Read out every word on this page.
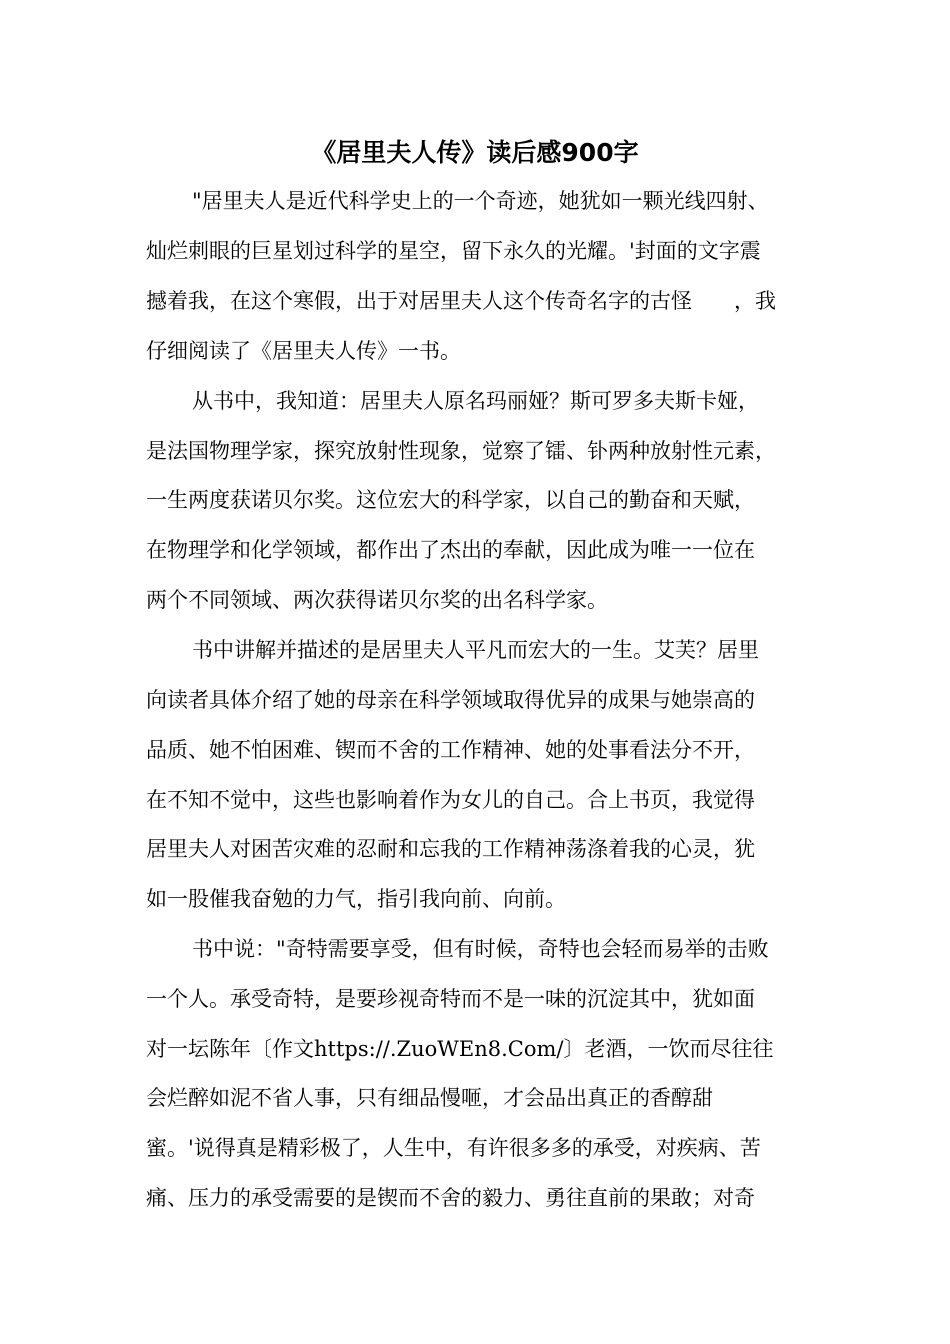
《居里夫人传》读后感900字
"居里夫人是近代科学史上的一个奇迹，她犹如一颗光线四射、
灿烂刺眼的巨星划过科学的星空，留下永久的光耀。'封面的文字震
撼着我，在这个寒假，出于对居里夫人这个传奇名字的古怪　　，我
仔细阅读了《居里夫人传》一书。
从书中，我知道：居里夫人原名玛丽娅？斯可罗多夫斯卡娅，
是法国物理学家，探究放射性现象，觉察了镭、钋两种放射性元素，
一生两度获诺贝尔奖。这位宏大的科学家，以自己的勤奋和天赋，
在物理学和化学领域，都作出了杰出的奉献，因此成为唯一一位在
两个不同领域、两次获得诺贝尔奖的出名科学家。
书中讲解并描述的是居里夫人平凡而宏大的一生。艾芙？居里
向读者具体介绍了她的母亲在科学领域取得优异的成果与她崇高的
品质、她不怕困难、锲而不舍的工作精神、她的处事看法分不开，
在不知不觉中，这些也影响着作为女儿的自己。合上书页，我觉得
居里夫人对困苦灾难的忍耐和忘我的工作精神荡涤着我的心灵，犹
如一股催我奋勉的力气，指引我向前、向前。
书中说："奇特需要享受，但有时候，奇特也会轻而易举的击败
一个人。承受奇特，是要珍视奇特而不是一味的沉淀其中，犹如面
对一坛陈年〔作文https://.ZuoWEn8.Com/〕老酒，一饮而尽往往
会烂醉如泥不省人事，只有细品慢咂，才会品出真正的香醇甜
蜜。'说得真是精彩极了，人生中，有许很多多的承受，对疾病、苦
痛、压力的承受需要的是锲而不舍的毅力、勇往直前的果敢；对奇
